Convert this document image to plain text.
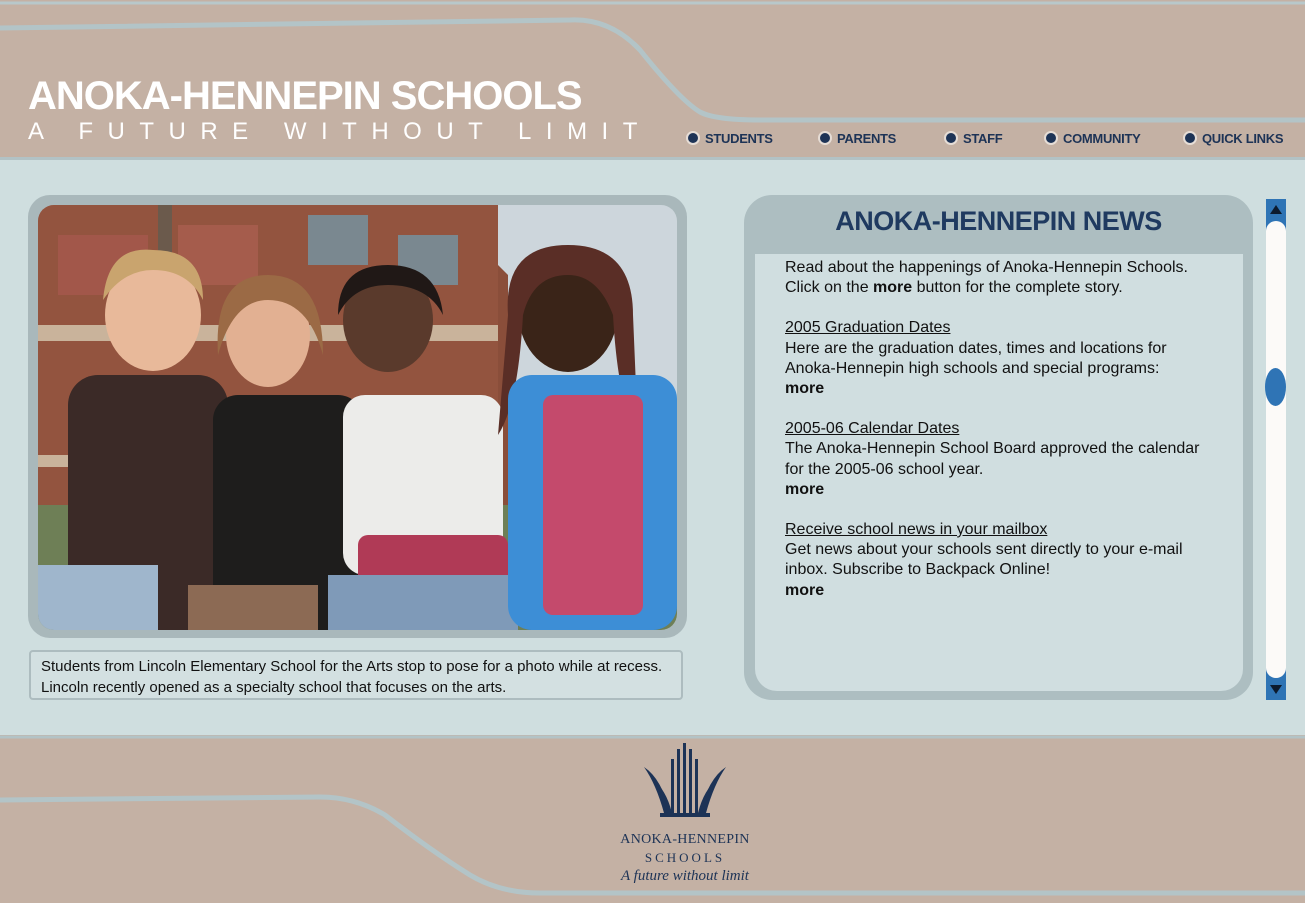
ANOKA-HENNEPIN SCHOOLS
A FUTURE WITHOUT LIMIT	STUDENTS	PARENTS	STAFF	COMMUNITY	QUICK LINKS
Students from Lincoln Elementary School for the Arts stop to pose for a photo while at recess. Lincoln recently opened as a specialty school that focuses on the arts.
ANOKA-HENNEPIN NEWS

Read about the happenings of Anoka-Hennepin Schools. Click on the more button for the complete story.

2005 Graduation Dates
Here are the graduation dates, times and locations for Anoka-Hennepin high schools and special programs:
more

2005-06 Calendar Dates
The Anoka-Hennepin School Board approved the calendar for the 2005-06 school year.
more

Receive school news in your mailbox
Get news about your schools sent directly to your e-mail inbox. Subscribe to Backpack Online!
more

ANOKA-HENNEPIN
SCHOOLS
A future without limit
